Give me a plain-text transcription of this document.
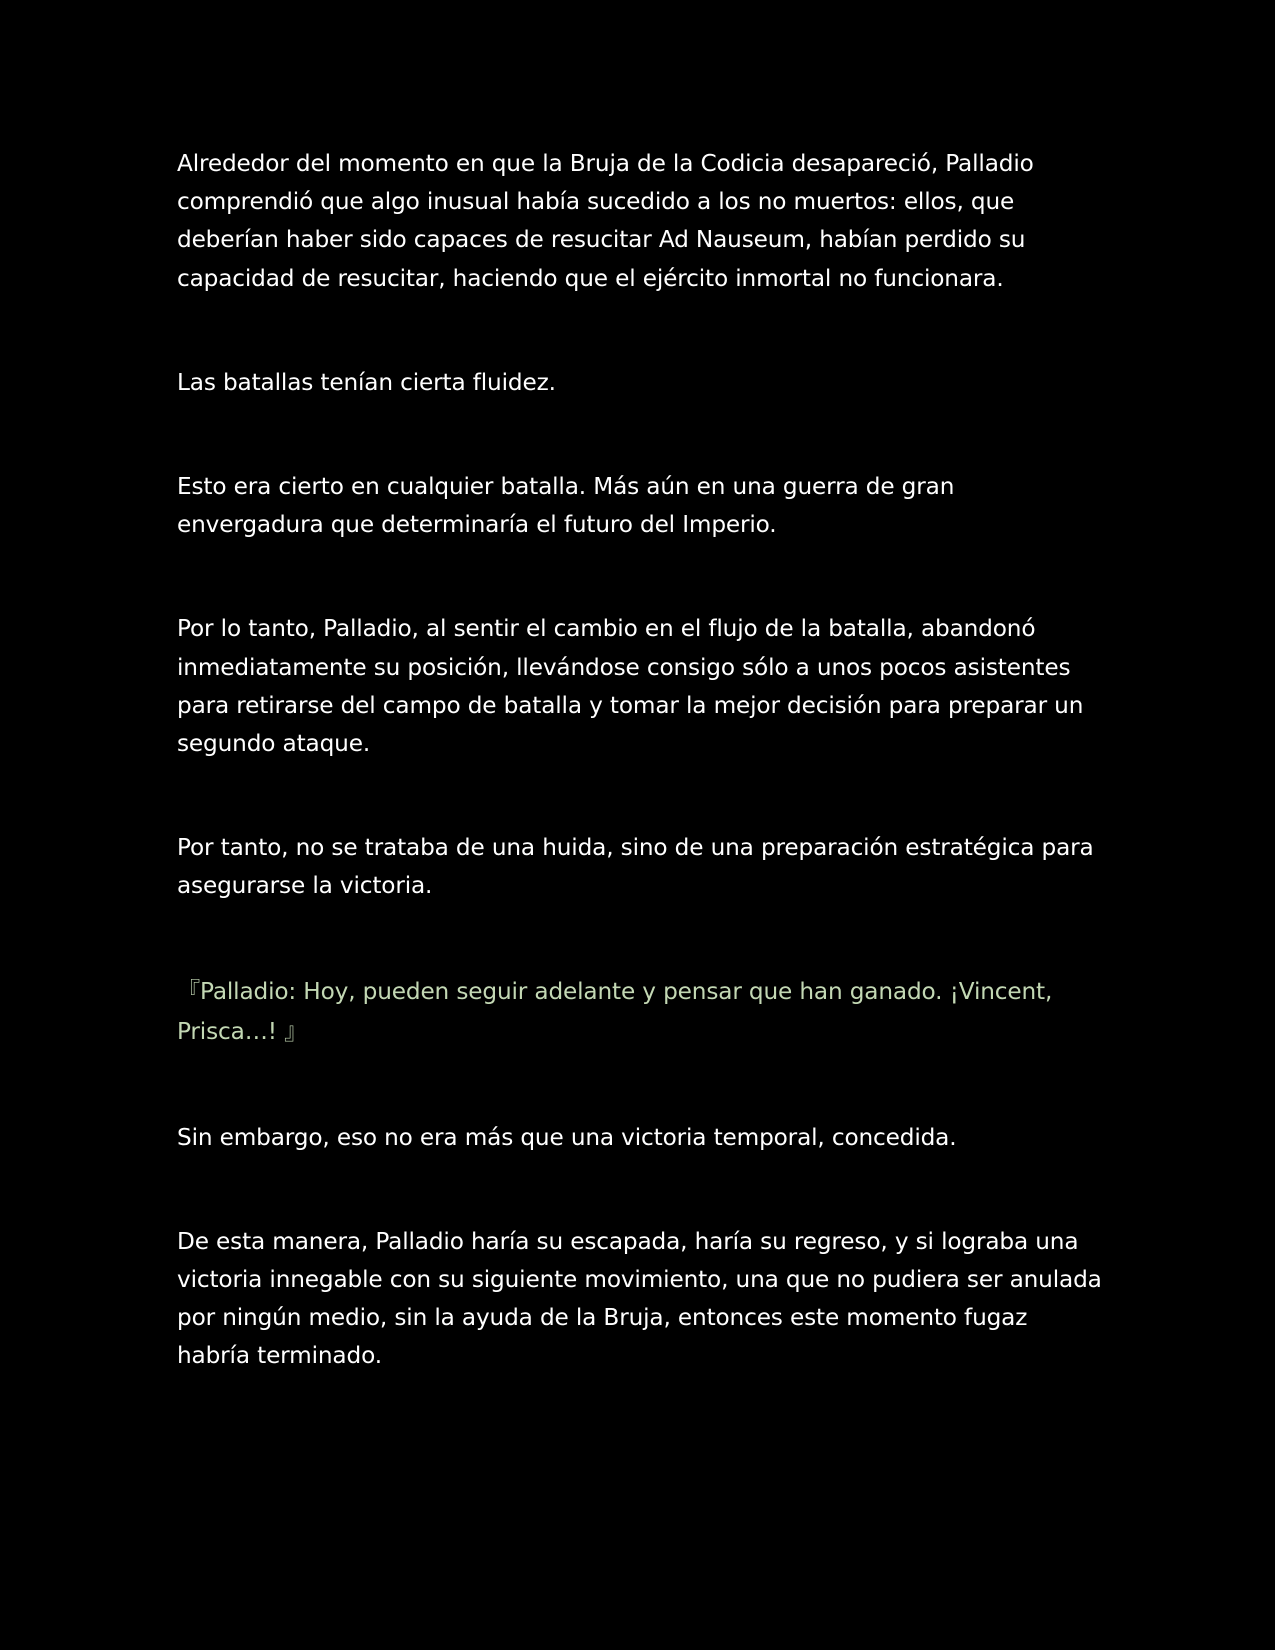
Alrededor del momento en que la Bruja de la Codicia desapareció, Palladio comprendió que algo inusual había sucedido a los no muertos: ellos, que deberían haber sido capaces de resucitar Ad Nauseum, habían perdido su capacidad de resucitar, haciendo que el ejército inmortal no funcionara.

Las batallas tenían cierta fluidez.

Esto era cierto en cualquier batalla. Más aún en una guerra de gran envergadura que determinaría el futuro del Imperio.

Por lo tanto, Palladio, al sentir el cambio en el flujo de la batalla, abandonó inmediatamente su posición, llevándose consigo sólo a unos pocos asistentes para retirarse del campo de batalla y tomar la mejor decisión para preparar un segundo ataque.

Por tanto, no se trataba de una huida, sino de una preparación estratégica para asegurarse la victoria.

『Palladio: Hoy, pueden seguir adelante y pensar que han ganado. ¡Vincent, Prisca…! 』

Sin embargo, eso no era más que una victoria temporal, concedida.

De esta manera, Palladio haría su escapada, haría su regreso, y si lograba una victoria innegable con su siguiente movimiento, una que no pudiera ser anulada por ningún medio, sin la ayuda de la Bruja, entonces este momento fugaz habría terminado.
